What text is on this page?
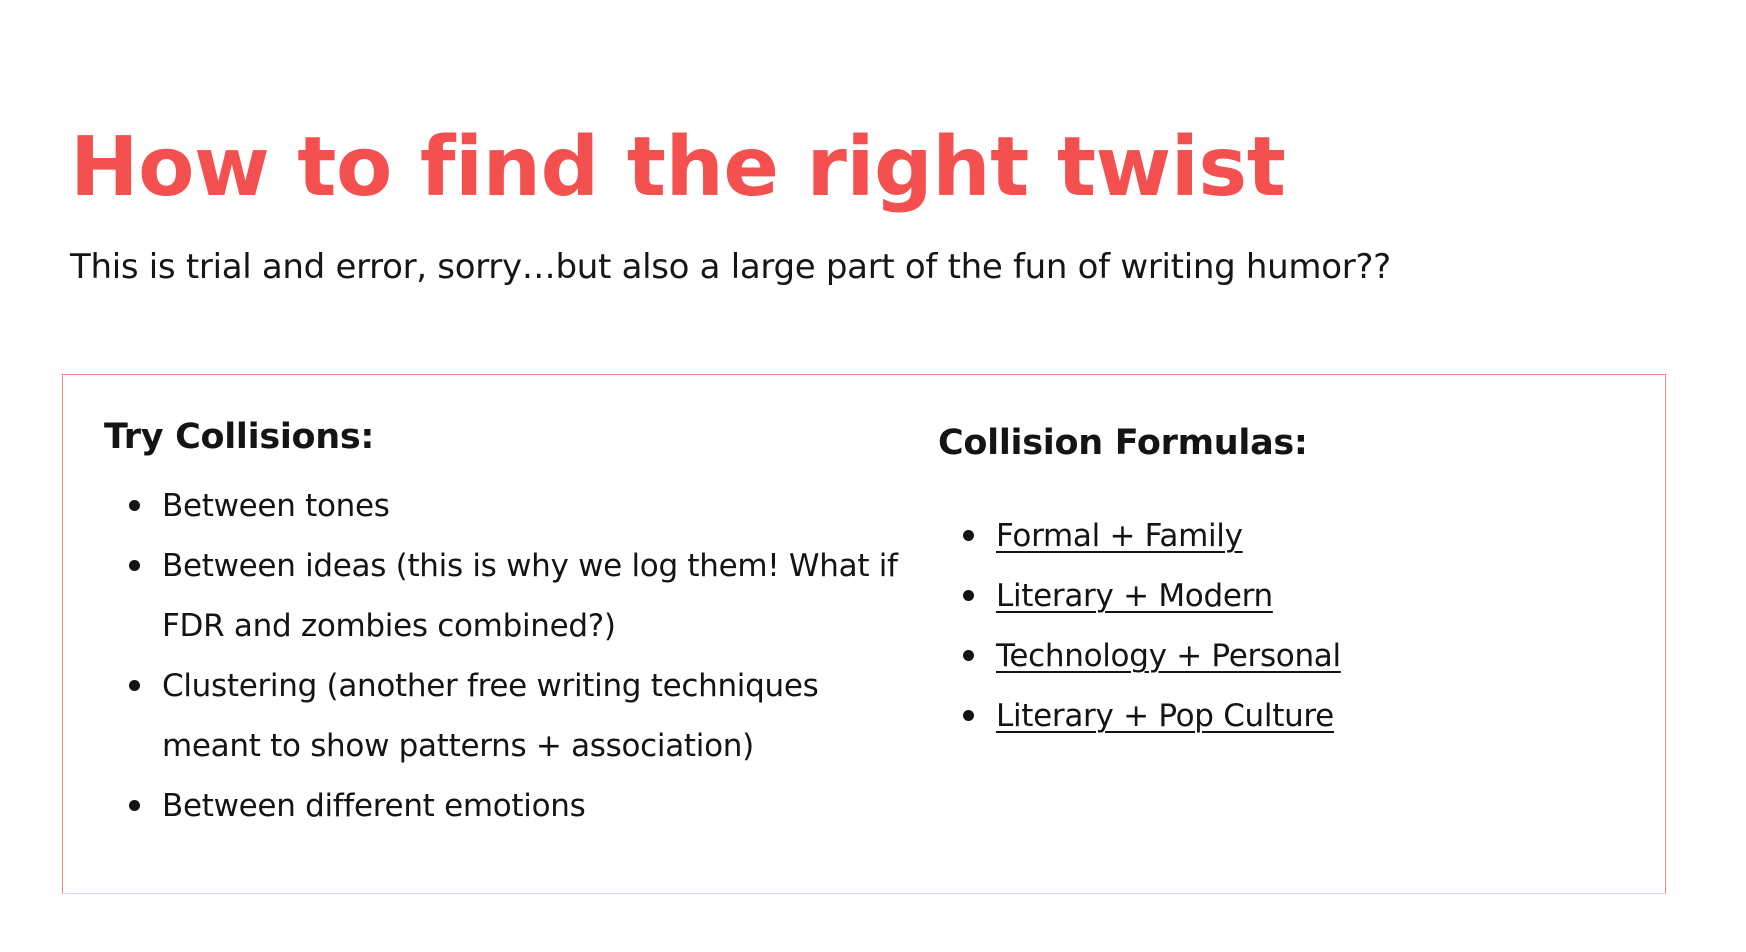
How to find the right twist

This is trial and error, sorry…but also a large part of the fun of writing humor??

Try Collisions:
Between tones
Between ideas (this is why we log them! What if FDR and zombies combined?)
Clustering (another free writing techniques meant to show patterns + association)
Between different emotions
Collision Formulas:
Formal + Family
Literary + Modern
Technology + Personal
Literary + Pop Culture
